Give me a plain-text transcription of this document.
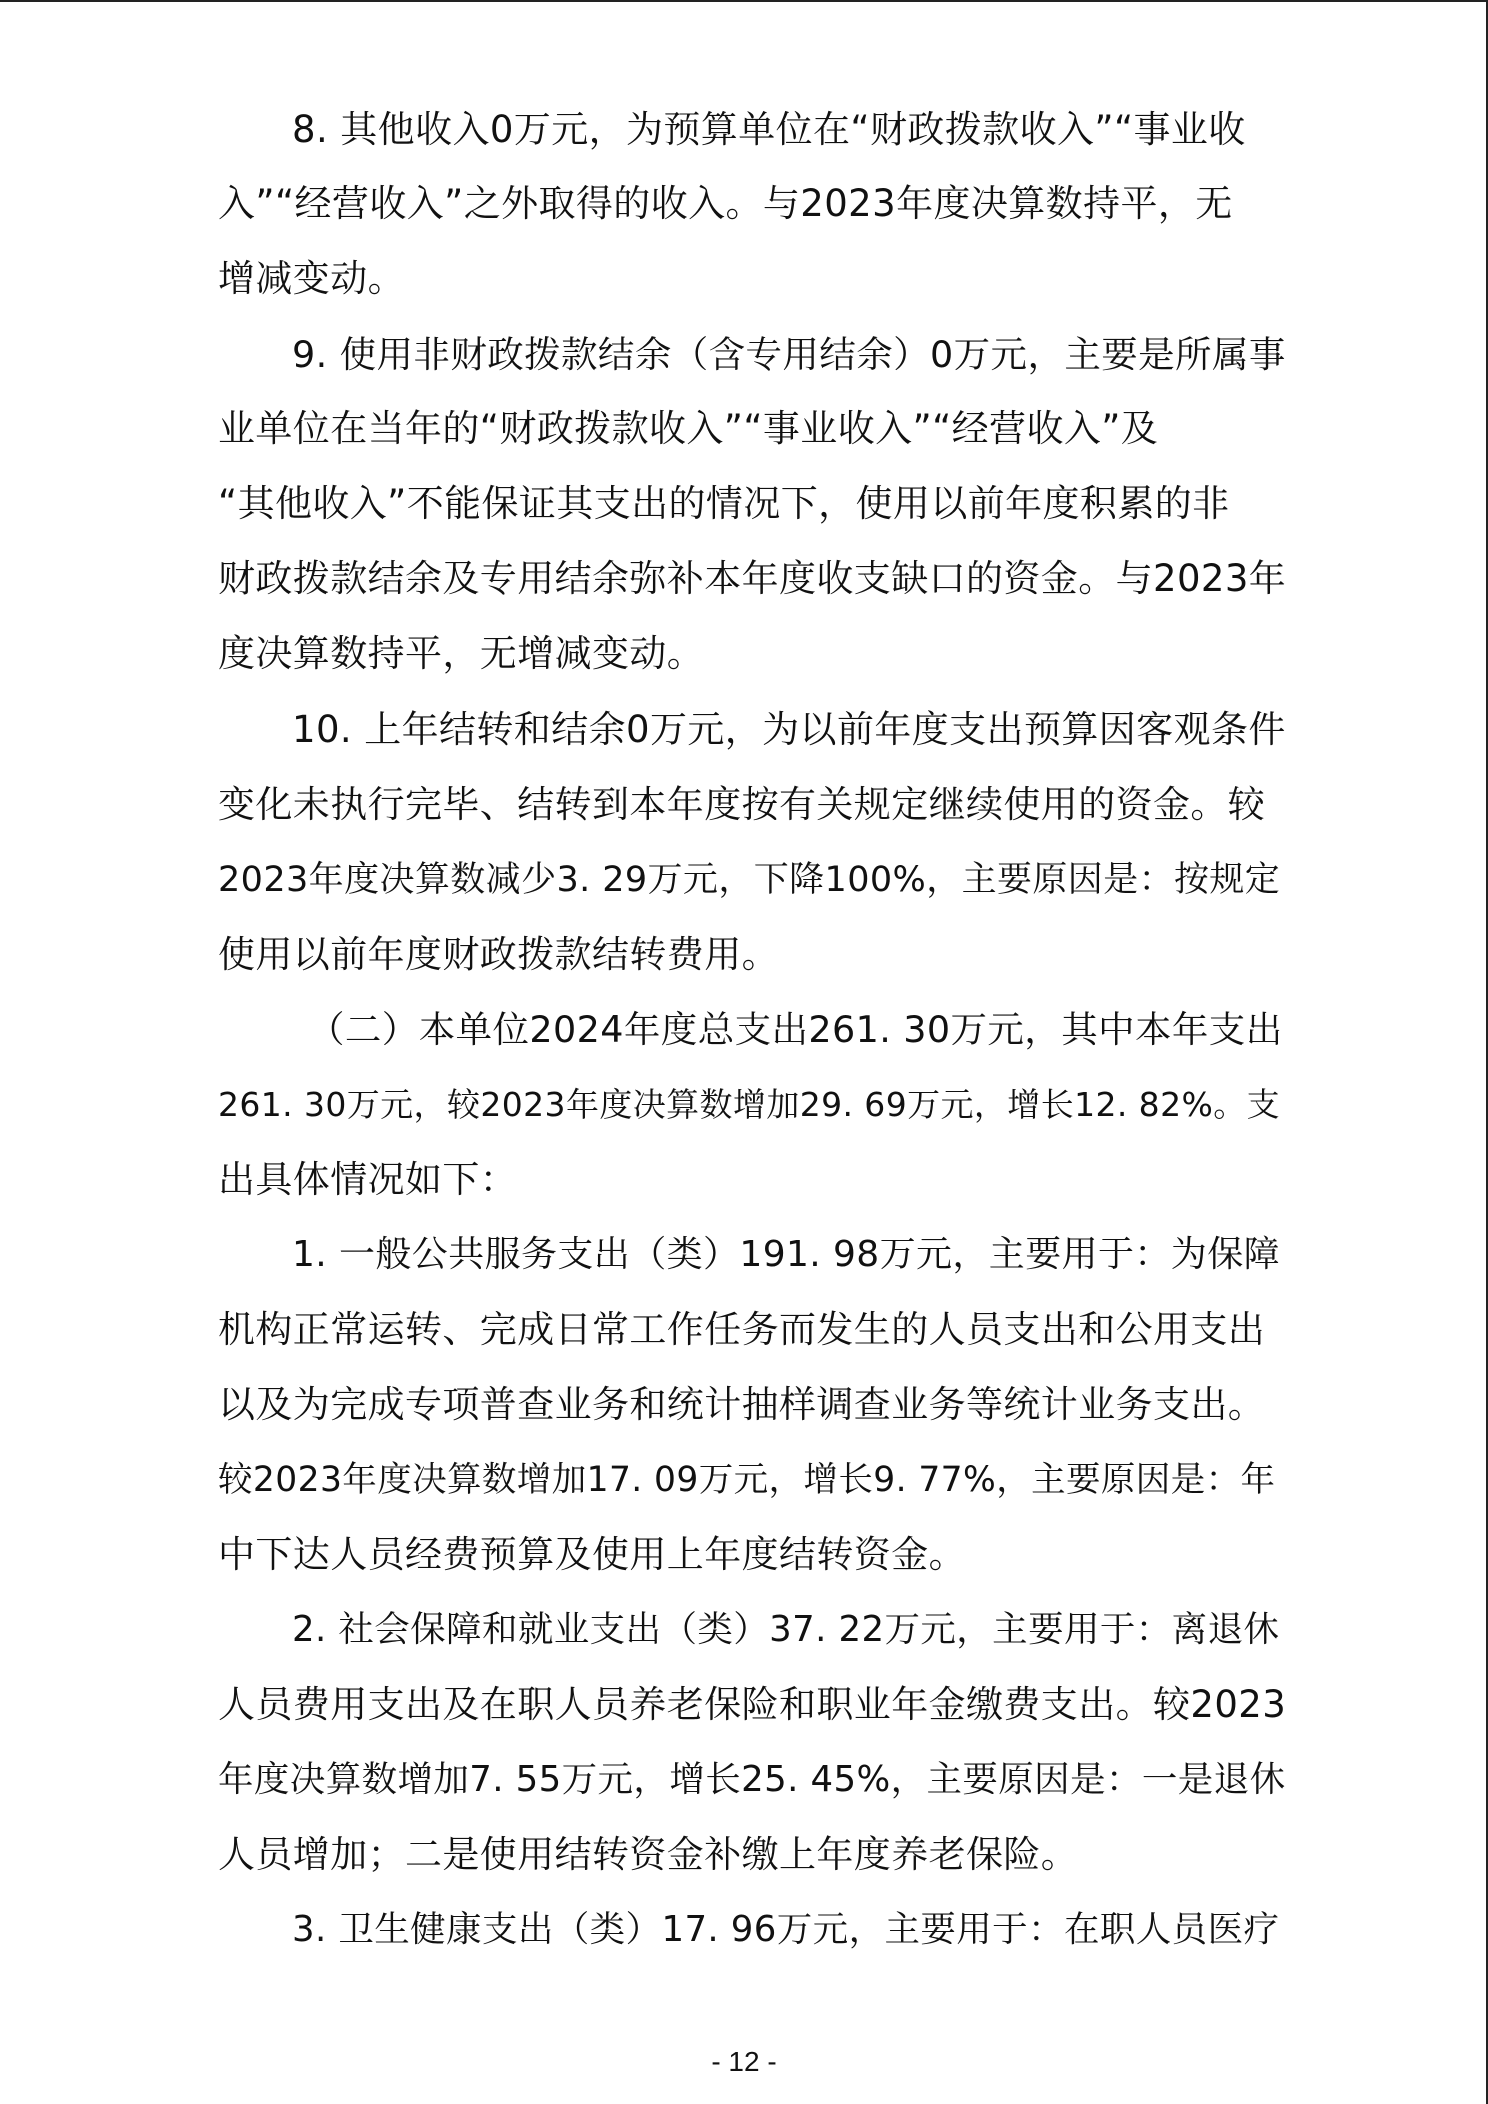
8. 其他收入0万元，为预算单位在“财政拨款收入”“事业收
入”“经营收入”之外取得的收入。与2023年度决算数持平，无
增减变动。
9. 使用非财政拨款结余（含专用结余）0万元，主要是所属事
业单位在当年的“财政拨款收入”“事业收入”“经营收入”及
“其他收入”不能保证其支出的情况下，使用以前年度积累的非
财政拨款结余及专用结余弥补本年度收支缺口的资金。与2023年
度决算数持平，无增减变动。
10. 上年结转和结余0万元，为以前年度支出预算因客观条件
变化未执行完毕、结转到本年度按有关规定继续使用的资金。较
2023年度决算数减少3. 29万元，下降100%，主要原因是：按规定
使用以前年度财政拨款结转费用。
（二）本单位2024年度总支出261. 30万元，其中本年支出
261. 30万元，较2023年度决算数增加29. 69万元，增长12. 82%。支
出具体情况如下：
1. 一般公共服务支出（类）191. 98万元，主要用于：为保障
机构正常运转、完成日常工作任务而发生的人员支出和公用支出
以及为完成专项普查业务和统计抽样调查业务等统计业务支出。
较2023年度决算数增加17. 09万元，增长9. 77%，主要原因是：年
中下达人员经费预算及使用上年度结转资金。
2. 社会保障和就业支出（类）37. 22万元，主要用于：离退休
人员费用支出及在职人员养老保险和职业年金缴费支出。较2023
年度决算数增加7. 55万元，增长25. 45%，主要原因是：一是退休
人员增加；二是使用结转资金补缴上年度养老保险。
3. 卫生健康支出（类）17. 96万元，主要用于：在职人员医疗
- 12 -
